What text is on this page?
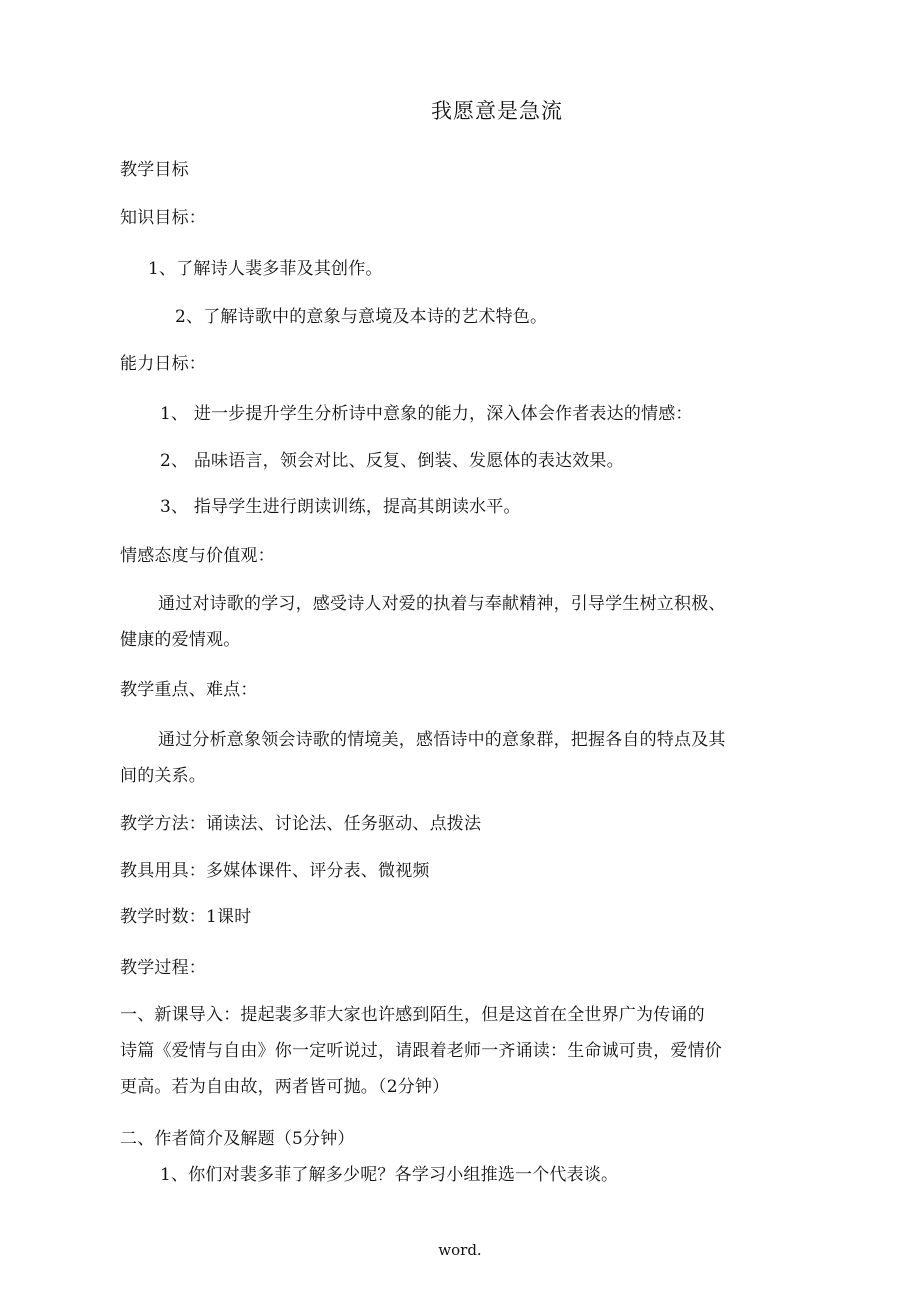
我愿意是急流
教学目标
知识目标：
1、了解诗人裴多菲及其创作。
2、了解诗歌中的意象与意境及本诗的艺术特色。
能力日标：
1、 进一步提升学生分析诗中意象的能力，深入体会作者表达的情感：
2、 品味语言，领会对比、反复、倒装、发愿体的表达效果。
3、 指导学生进行朗读训练，提高其朗读水平。
情感态度与价值观：
通过对诗歌的学习，感受诗人对爱的执着与奉献精神，引导学生树立积极、
健康的爱情观。
教学重点、难点：
通过分析意象领会诗歌的情境美，感悟诗中的意象群，把握各自的特点及其
间的关系。
教学方法：诵读法、讨论法、任务驱动、点拨法
教具用具：多媒体课件、评分表、微视频
教学时数：1课时
教学过程：
一、新课导入：提起裴多菲大家也许感到陌生，但是这首在全世界广为传诵的
诗篇《爱情与自由》你一定听说过，请跟着老师一齐诵读：生命诚可贵，爱情价
更高。若为自由故，两者皆可抛。（2分钟）
二、作者简介及解题（5分钟）
1、你们对裴多菲了解多少呢？各学习小组推选一个代表谈。
word.
